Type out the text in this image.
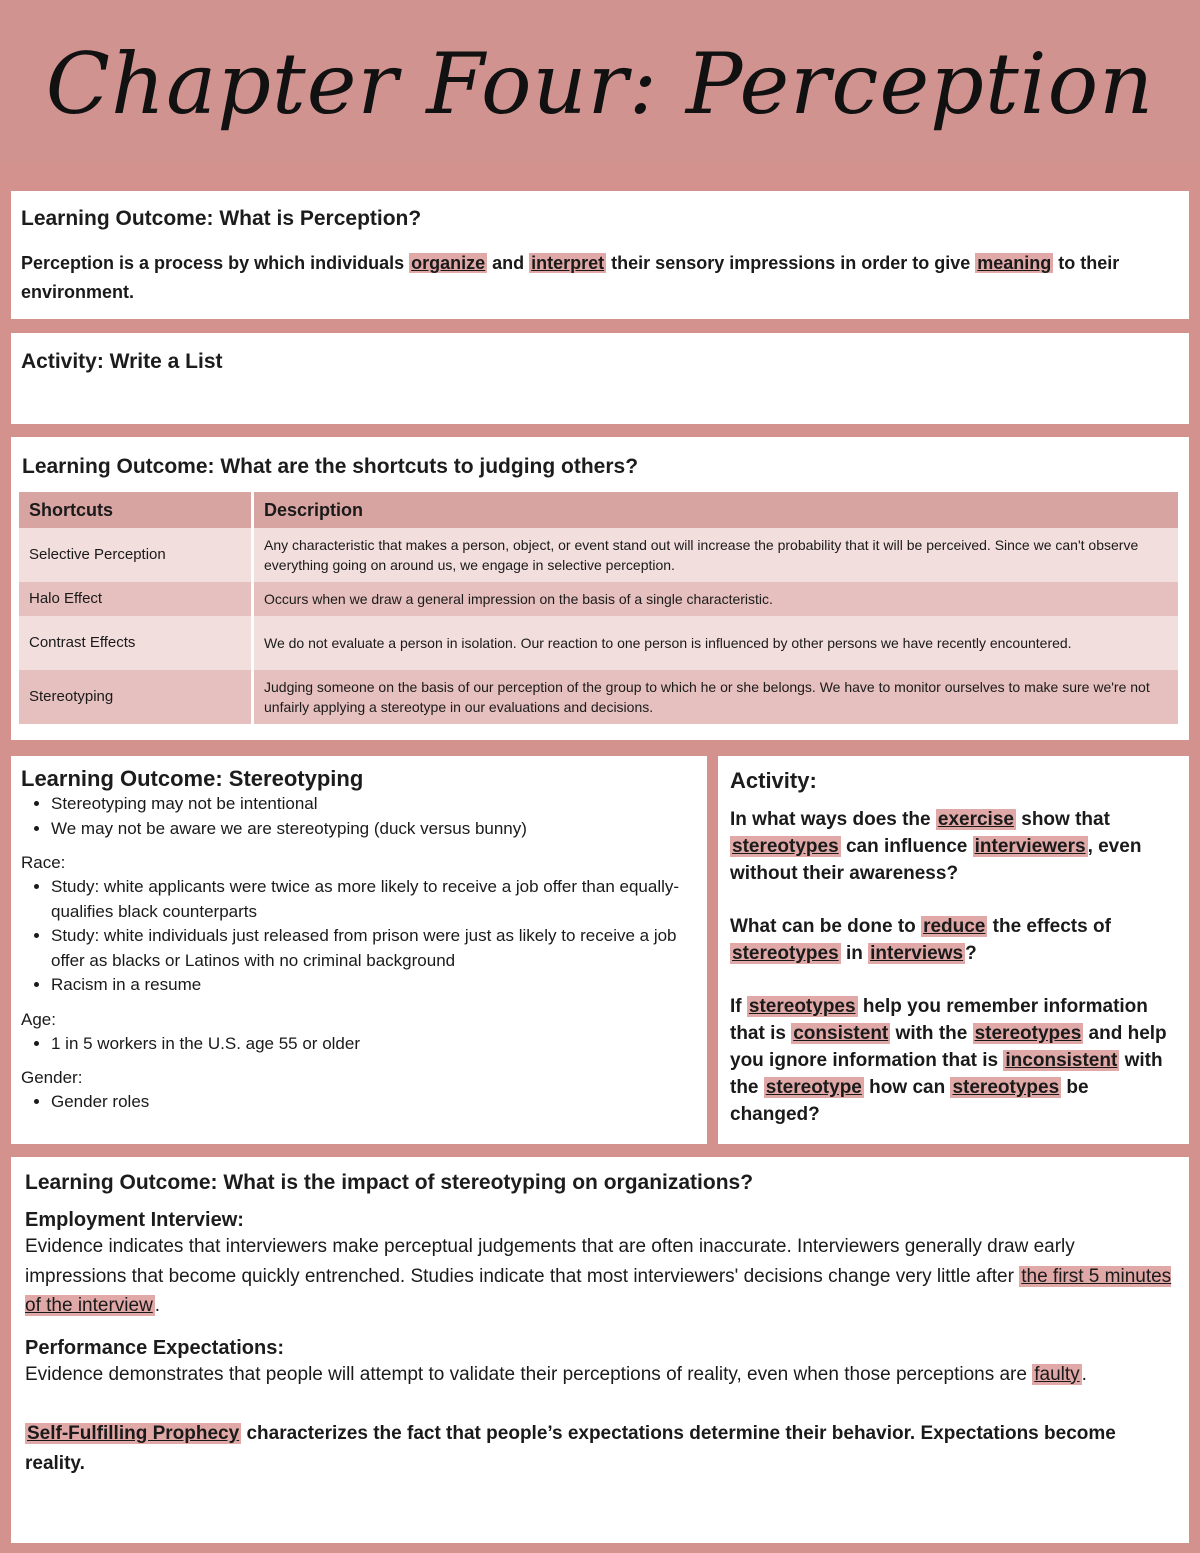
Chapter Four: Perception
Learning Outcome: What is Perception?
Perception is a process by which individuals organize and interpret their sensory impressions in order to give meaning to their environment.
Activity: Write a List
Learning Outcome: What are the shortcuts to judging others?
Shortcuts	Description
Selective Perception	Any characteristic that makes a person, object, or event stand out will increase the probability that it will be perceived. Since we can't observe everything going on around us, we engage in selective perception.
Halo Effect	Occurs when we draw a general impression on the basis of a single characteristic.
Contrast Effects	We do not evaluate a person in isolation. Our reaction to one person is influenced by other persons we have recently encountered.
Stereotyping	Judging someone on the basis of our perception of the group to which he or she belongs. We have to monitor ourselves to make sure we're not unfairly applying a stereotype in our evaluations and decisions.
Learning Outcome: Stereotyping
• Stereotyping may not be intentional
• We may not be aware we are stereotyping (duck versus bunny)
Race:
• Study: white applicants were twice as more likely to receive a job offer than equally-qualifies black counterparts
• Study: white individuals just released from prison were just as likely to receive a job offer as blacks or Latinos with no criminal background
• Racism in a resume
Age:
• 1 in 5 workers in the U.S. age 55 or older
Gender:
• Gender roles
Activity:

In what ways does the exercise show that stereotypes can influence interviewers , even without their awareness?

What can be done to reduce the effects of stereotypes in interviews ?

If stereotypes help you remember information that is consistent with the stereotypes and help you ignore information that is inconsistent with the stereotype how can stereotypes be changed?

Learning Outcome: What is the impact of stereotyping on organizations?
Employment Interview:
Evidence indicates that interviewers make perceptual judgements that are often inaccurate. Interviewers generally draw early impressions that become quickly entrenched. Studies indicate that most interviewers' decisions change very little after the first 5 minutes of the interview .
Performance Expectations:
Evidence demonstrates that people will attempt to validate their perceptions of reality, even when those perceptions are faulty .
Self-Fulfilling Prophecy characterizes the fact that people’s expectations determine their behavior. Expectations become reality.
